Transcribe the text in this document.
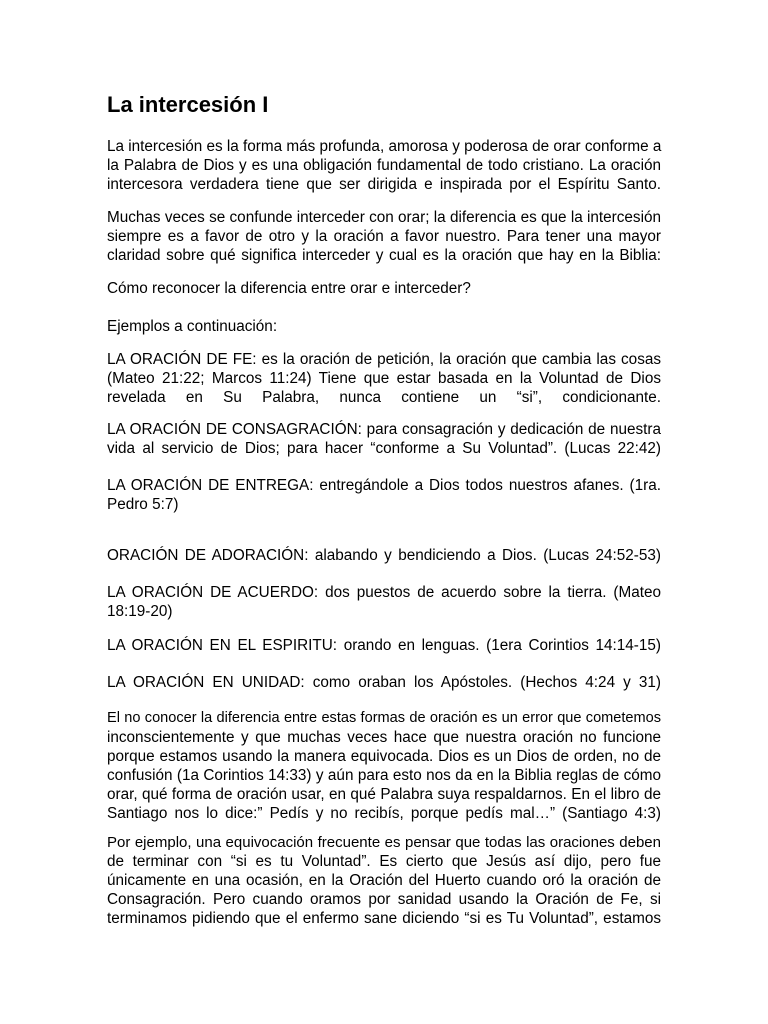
La intercesión I
La intercesión es la forma más profunda, amorosa y poderosa de orar conforme a
la Palabra de Dios y es una obligación fundamental de todo cristiano. La oración
intercesora verdadera tiene que ser dirigida e inspirada por el Espíritu Santo.
Muchas veces se confunde interceder con orar; la diferencia es que la intercesión
siempre es a favor de otro y la oración a favor nuestro. Para tener una mayor
claridad sobre qué significa interceder y cual es la oración que hay en la Biblia:
Cómo reconocer la diferencia entre orar e interceder?
Ejemplos a continuación:
LA ORACIÓN DE FE: es la oración de petición, la oración que cambia las cosas
(Mateo 21:22; Marcos 11:24) Tiene que estar basada en la Voluntad de Dios
revelada en Su Palabra, nunca contiene un “si”, condicionante.
LA ORACIÓN DE CONSAGRACIÓN: para consagración y dedicación de nuestra
vida al servicio de Dios; para hacer “conforme a Su Voluntad”. (Lucas 22:42)
LA ORACIÓN DE ENTREGA: entregándole a Dios todos nuestros afanes. (1ra.
Pedro 5:7)
ORACIÓN DE ADORACIÓN: alabando y bendiciendo a Dios. (Lucas 24:52-53)
LA ORACIÓN DE ACUERDO: dos puestos de acuerdo sobre la tierra. (Mateo
18:19-20)
LA ORACIÓN EN EL ESPIRITU: orando en lenguas. (1era Corintios 14:14-15)
LA ORACIÓN EN UNIDAD: como oraban los Apóstoles. (Hechos 4:24 y 31)
El no conocer la diferencia entre estas formas de oración es un error que cometemos
inconscientemente y que muchas veces hace que nuestra oración no funcione
porque estamos usando la manera equivocada. Dios es un Dios de orden, no de
confusión (1a Corintios 14:33) y aún para esto nos da en la Biblia reglas de cómo
orar, qué forma de oración usar, en qué Palabra suya respaldarnos. En el libro de
Santiago nos lo dice:” Pedís y no recibís, porque pedís mal…” (Santiago 4:3)
Por ejemplo, una equivocación frecuente es pensar que todas las oraciones deben
de terminar con “si es tu Voluntad”. Es cierto que Jesús así dijo, pero fue
únicamente en una ocasión, en la Oración del Huerto cuando oró la oración de
Consagración. Pero cuando oramos por sanidad usando la Oración de Fe, si
terminamos pidiendo que el enfermo sane diciendo “si es Tu Voluntad”, estamos
